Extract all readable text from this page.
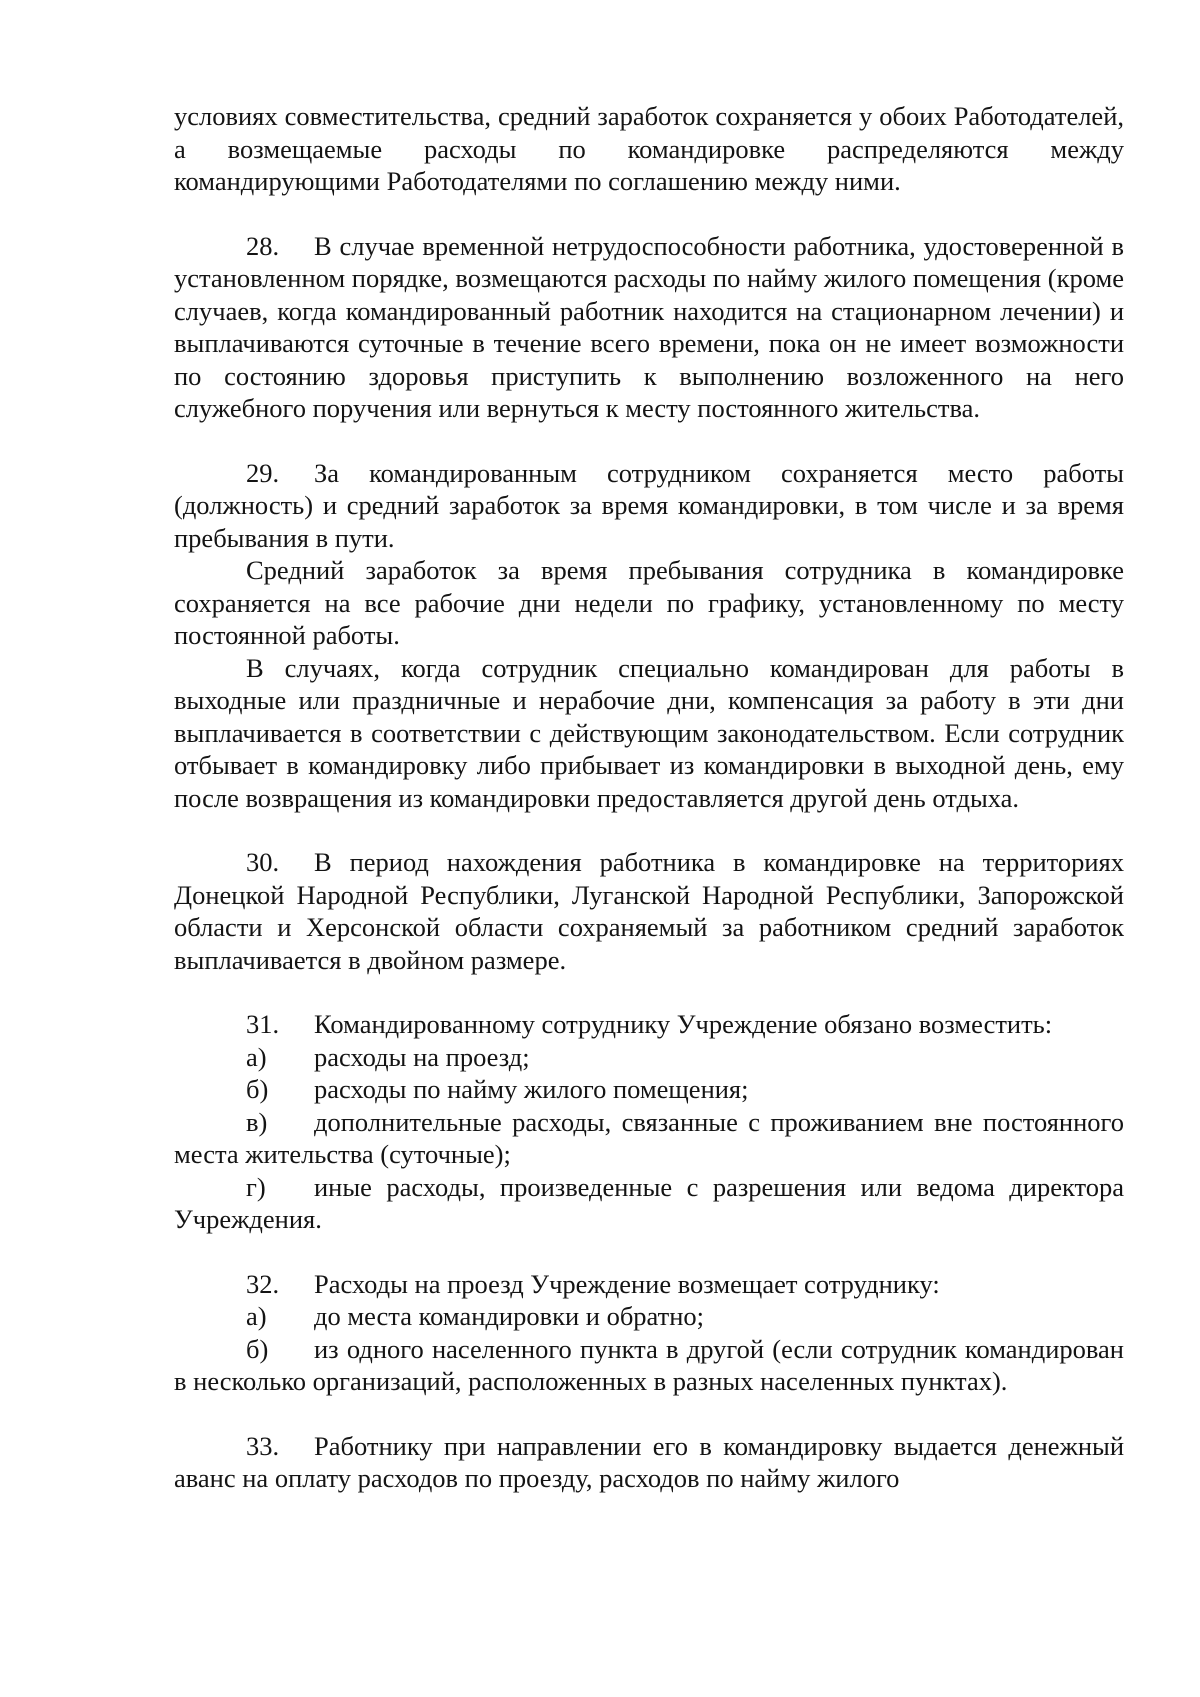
условиях совместительства, средний заработок сохраняется у обоих Работодателей, а возмещаемые расходы по командировке распределяются между командирующими Работодателями по соглашению между ними.

28. В случае временной нетрудоспособности работника, удостоверенной в установленном порядке, возмещаются расходы по найму жилого помещения (кроме случаев, когда командированный работник находится на стационарном лечении) и выплачиваются суточные в течение всего времени, пока он не имеет возможности по состоянию здоровья приступить к выполнению возложенного на него служебного поручения или вернуться к месту постоянного жительства.

29. За командированным сотрудником сохраняется место работы (должность) и средний заработок за время командировки, в том числе и за время пребывания в пути.

Средний заработок за время пребывания сотрудника в командировке сохраняется на все рабочие дни недели по графику, установленному по месту постоянной работы.

В случаях, когда сотрудник специально командирован для работы в выходные или праздничные и нерабочие дни, компенсация за работу в эти дни выплачивается в соответствии с действующим законодательством. Если сотрудник отбывает в командировку либо прибывает из командировки в выходной день, ему после возвращения из командировки предоставляется другой день отдыха.

30. В период нахождения работника в командировке на территориях Донецкой Народной Республики, Луганской Народной Республики, Запорожской области и Херсонской области сохраняемый за работником средний заработок выплачивается в двойном размере.

31.	Командированному сотруднику Учреждение обязано возместить:
а)	расходы на проезд;
б)	расходы по найму жилого помещения;

в) дополнительные расходы, связанные с проживанием вне постоянного места жительства (суточные);

г) иные расходы, произведенные с разрешения или ведома директора Учреждения.

32.	Расходы на проезд Учреждение возмещает сотруднику:
а)	до места командировки и обратно;

б) из одного населенного пункта в другой (если сотрудник командирован в несколько организаций, расположенных в разных населенных пунктах).

33. Работнику при направлении его в командировку выдается денежный аванс на оплату расходов по проезду, расходов по найму жилого
